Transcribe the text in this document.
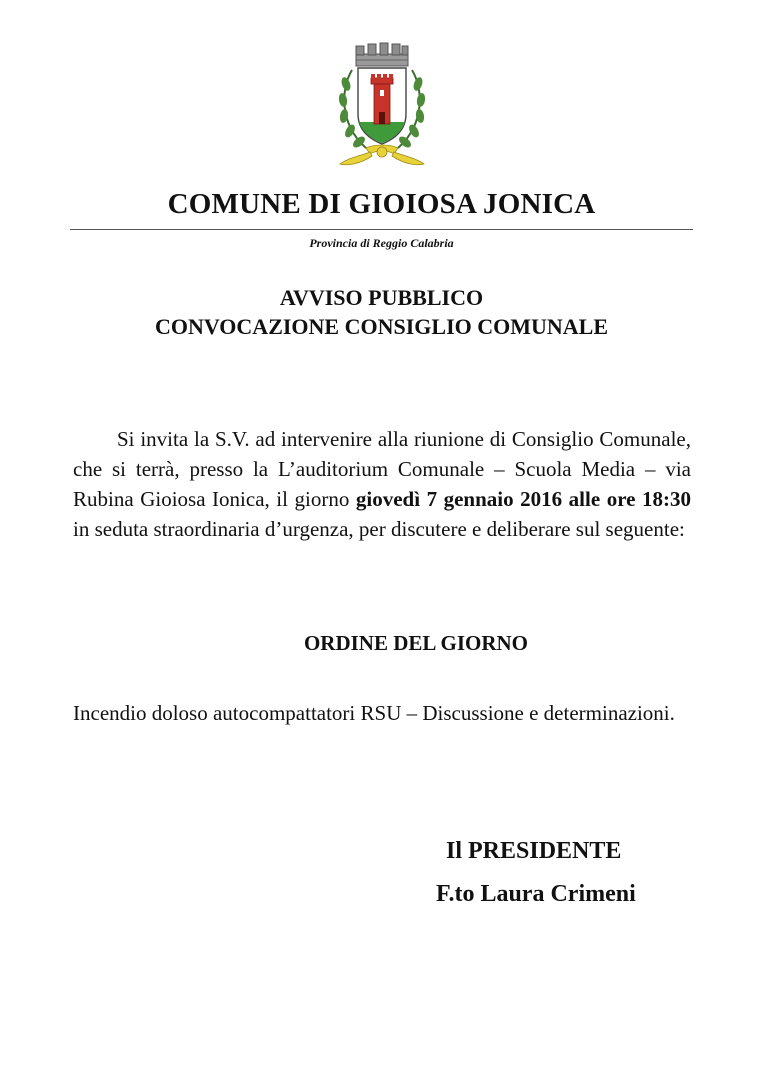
COMUNE DI GIOIOSA JONICA
Provincia di Reggio Calabria
AVVISO PUBBLICO
CONVOCAZIONE CONSIGLIO COMUNALE
Si invita la S.V. ad intervenire alla riunione di Consiglio Comunale, che si terrà, presso la L’auditorium Comunale – Scuola Media – via Rubina Gioiosa Ionica, il giorno giovedì 7 gennaio 2016 alle ore 18:30 in seduta straordinaria d’urgenza, per discutere e deliberare sul seguente:
ORDINE DEL GIORNO
Incendio doloso autocompattatori RSU – Discussione e determinazioni.
Il PRESIDENTE
F.to Laura Crimeni
